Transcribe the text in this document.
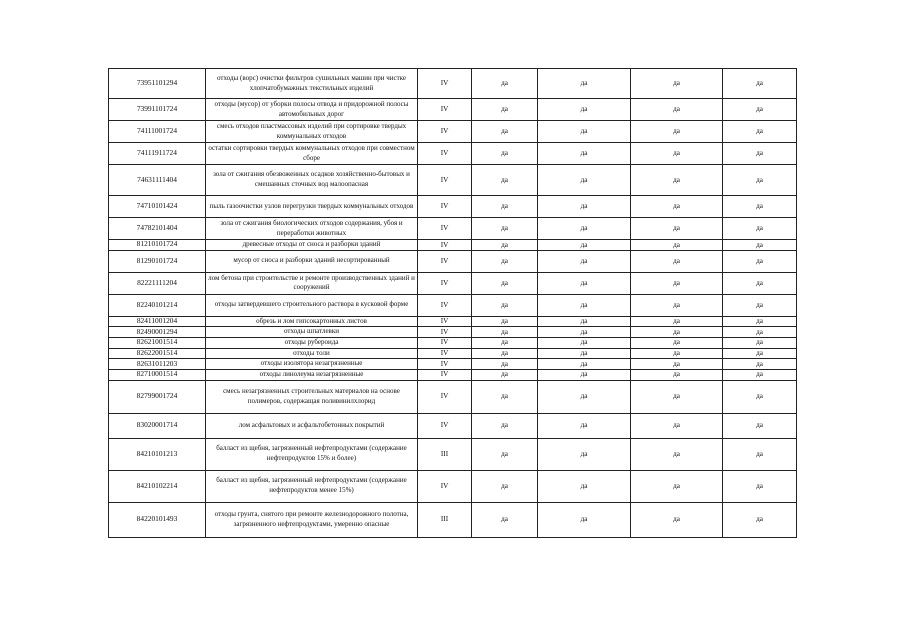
73951101294	отходы (ворс) очистки фильтров сушильных машин при чистке хлопчатобумажных текстильных изделий	IV	да	да	да	да
73991101724	отходы (мусор) от уборки полосы отвода и придорожной полосы автомобильных дорог	IV	да	да	да	да
74111001724	смесь отходов пластмассовых изделий при сортировке твердых коммунальных отходов	IV	да	да	да	да
74111911724	остатки сортировки твердых коммунальных отходов при совместном сборе	IV	да	да	да	да
74631111404	зола от сжигания обезвоженных осадков хозяйственно-бытовых и смешанных сточных вод малоопасная	IV	да	да	да	да
74710101424	пыль газоочистки узлов перегрузки твердых коммунальных отходов	IV	да	да	да	да
74782101404	зола от сжигания биологических отходов содержания, убоя и переработки животных	IV	да	да	да	да
81210101724	древесные отходы от сноса и разборки зданий	IV	да	да	да	да
81290101724	мусор от сноса и разборки зданий несортированный	IV	да	да	да	да
82221111204	лом бетона при строительстве и ремонте производственных зданий и сооружений	IV	да	да	да	да
82240101214	отходы затвердевшего строительного раствора в кусковой форме	IV	да	да	да	да
82411001204	обрезь и лом гипсокартонных листов	IV	да	да	да	да
82490001294	отходы шпатлевки	IV	да	да	да	да
82621001514	отходы рубероида	IV	да	да	да	да
82622001514	отходы толи	IV	да	да	да	да
82631011203	отходы изолятора незагрязненные	IV	да	да	да	да
82710001514	отходы линолеума незагрязненные	IV	да	да	да	да
82799001724	смесь незагрязненных строительных материалов на основе полимеров, содержащая поливинилхлорид	IV	да	да	да	да
83020001714	лом асфальтовых и асфальтобетонных покрытий	IV	да	да	да	да
84210101213	балласт из щебня, загрязненный нефтепродуктами (содержание нефтепродуктов 15% и более)	III	да	да	да	да
84210102214	балласт из щебня, загрязненный нефтепродуктами (содержание нефтепродуктов менее 15%)	IV	да	да	да	да
84220101493	отходы грунта, снятого при ремонте железнодорожного полотна, загрязненного нефтепродуктами, умеренно опасные	III	да	да	да	да
